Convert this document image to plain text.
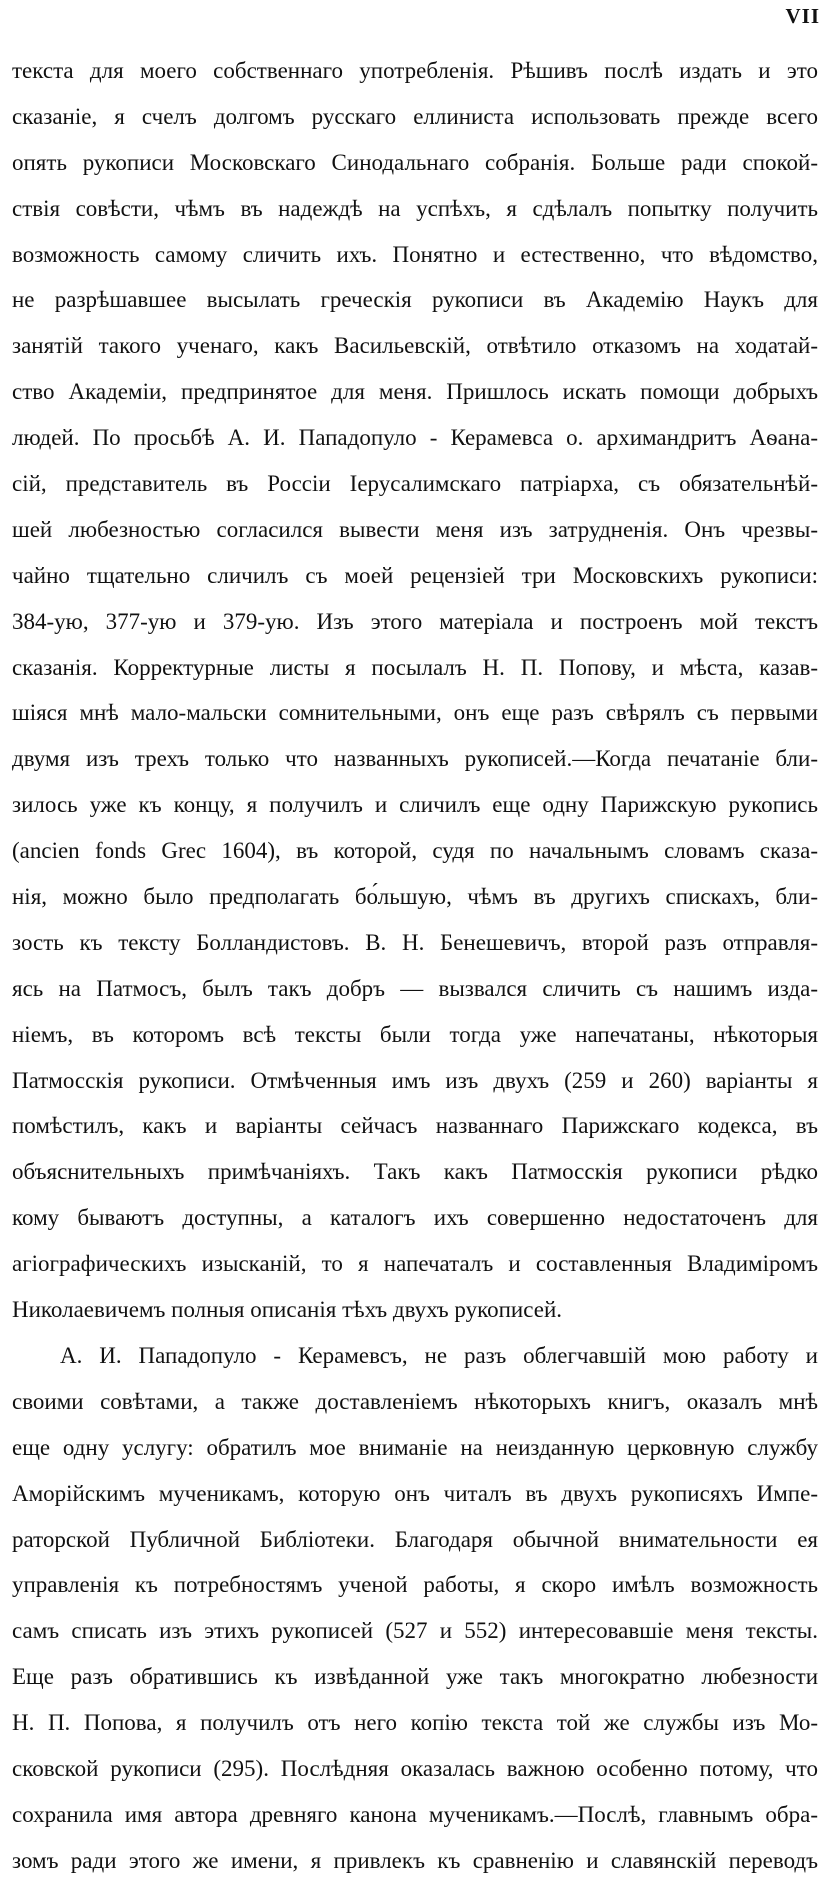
VII
текста для моего собственнаго употребленія. Рѣшивъ послѣ издать и это
сказаніе, я счелъ долгомъ русскаго еллиниста использовать прежде всего
опять рукописи Московскаго Синодальнаго собранія. Больше ради спокой-
ствія совѣсти, чѣмъ въ надеждѣ на успѣхъ, я сдѣлалъ попытку получить
возможность самому сличить ихъ. Понятно и естественно, что вѣдомство,
не разрѣшавшее высылать греческія рукописи въ Академію Наукъ для
занятій такого ученаго, какъ Васильевскій, отвѣтило отказомъ на ходатай-
ство Академіи, предпринятое для меня. Пришлось искать помощи добрыхъ
людей. По просьбѣ А. И. Пападопуло - Керамевса о. архимандритъ Аѳана-
сій, представитель въ Россіи Іерусалимскаго патріарха, съ обязательнѣй-
шей любезностью согласился вывести меня изъ затрудненія. Онъ чрезвы-
чайно тщательно сличилъ съ моей рецензіей три Московскихъ рукописи:
384-ую, 377-ую и 379-ую. Изъ этого матеріала и построенъ мой текстъ
сказанія. Корректурные листы я посылалъ Н. П. Попову, и мѣста, казав-
шіяся мнѣ мало-мальски сомнительными, онъ еще разъ свѣрялъ съ первыми
двумя изъ трехъ только что названныхъ рукописей.—Когда печатаніе бли-
зилось уже къ концу, я получилъ и сличилъ еще одну Парижскую рукопись
(ancien fonds Grec 1604), въ которой, судя по начальнымъ словамъ сказа-
нія, можно было предполагать бо́льшую, чѣмъ въ другихъ спискахъ, бли-
зость къ тексту Болландистовъ. В. Н. Бенешевичъ, второй разъ отправля-
ясь на Патмосъ, былъ такъ добръ — вызвался сличить съ нашимъ изда-
ніемъ, въ которомъ всѣ тексты были тогда уже напечатаны, нѣкоторыя
Патмосскія рукописи. Отмѣченныя имъ изъ двухъ (259 и 260) варіанты я
помѣстилъ, какъ и варіанты сейчасъ названнаго Парижскаго кодекса, въ
объяснительныхъ примѣчаніяхъ. Такъ какъ Патмосскія рукописи рѣдко
кому бываютъ доступны, а каталогъ ихъ совершенно недостаточенъ для
агіографическихъ изысканій, то я напечаталъ и составленныя Владиміромъ
Николаевичемъ полныя описанія тѣхъ двухъ рукописей.
А. И. Пападопуло - Керамевсъ, не разъ облегчавшій мою работу и
своими совѣтами, а также доставленіемъ нѣкоторыхъ книгъ, оказалъ мнѣ
еще одну услугу: обратилъ мое вниманіе на неизданную церковную службу
Аморійскимъ мученикамъ, которую онъ читалъ въ двухъ рукописяхъ Импе-
раторской Публичной Библіотеки. Благодаря обычной внимательности ея
управленія къ потребностямъ ученой работы, я скоро имѣлъ возможность
самъ списать изъ этихъ рукописей (527 и 552) интересовавшіе меня тексты.
Еще разъ обратившись къ извѣданной уже такъ многократно любезности
Н. П. Попова, я получилъ отъ него копію текста той же службы изъ Мо-
сковской рукописи (295). Послѣдняя оказалась важною особенно потому, что
сохранила имя автора древняго канона мученикамъ.—Послѣ, главнымъ обра-
зомъ ради этого же имени, я привлекъ къ сравненію и славянскій переводъ
